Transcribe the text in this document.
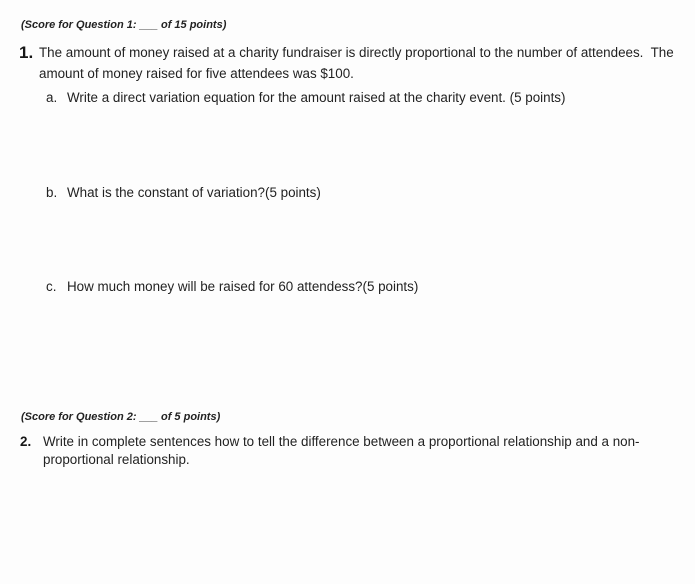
(Score for Question 1: ___ of 15 points)
1. The amount of money raised at a charity fundraiser is directly proportional to the number of attendees.  The
amount of money raised for five attendees was $100.
a. Write a direct variation equation for the amount raised at the charity event. (5 points)
b. What is the constant of variation?(5 points)
c. How much money will be raised for 60 attendess?(5 points)
(Score for Question 2: ___ of 5 points)
2. Write in complete sentences how to tell the difference between a proportional relationship and a non-
proportional relationship.
